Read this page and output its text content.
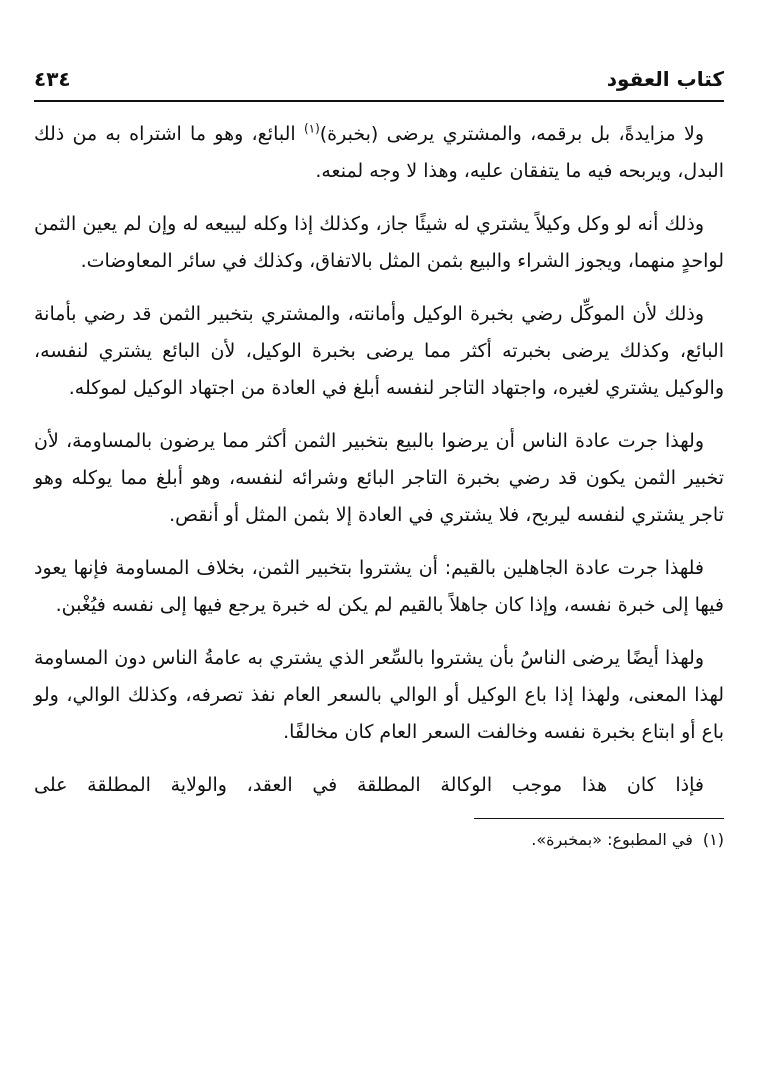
كتاب العقود
٤٣٤

ولا مزايدةً، بل برقمه، والمشتري يرضى (بخبرة)$^{(١)}$ البائع، وهو ما اشتراه به من ذلك البدل، ويربحه فيه ما يتفقان عليه، وهذا لا وجه لمنعه.

وذلك أنه لو وكل وكيلاً يشتري له شيئًا جاز، وكذلك إذا وكله ليبيعه له وإن لم يعين الثمن لواحدٍ منهما، ويجوز الشراء والبيع بثمن المثل بالاتفاق، وكذلك في سائر المعاوضات.

وذلك لأن الموكِّل رضي بخبرة الوكيل وأمانته، والمشتري بتخبير الثمن قد رضي بأمانة البائع، وكذلك يرضى بخبرته أكثر مما يرضى بخبرة الوكيل، لأن البائع يشتري لنفسه، والوكيل يشتري لغيره، واجتهاد التاجر لنفسه أبلغ في العادة من اجتهاد الوكيل لموكله.

ولهذا جرت عادة الناس أن يرضوا بالبيع بتخبير الثمن أكثر مما يرضون بالمساومة، لأن تخبير الثمن يكون قد رضي بخبرة التاجر البائع وشرائه لنفسه، وهو أبلغ مما يوكله وهو تاجر يشتري لنفسه ليربح، فلا يشتري في العادة إلا بثمن المثل أو أنقص.

فلهذا جرت عادة الجاهلين بالقيم: أن يشتروا بتخبير الثمن، بخلاف المساومة فإنها يعود فيها إلى خبرة نفسه، وإذا كان جاهلاً بالقيم لم يكن له خبرة يرجع فيها إلى نفسه فيُغْبن.

ولهذا أيضًا يرضى الناسُ بأن يشتروا بالسِّعر الذي يشتري به عامةُ الناس دون المساومة لهذا المعنى، ولهذا إذا باع الوكيل أو الوالي بالسعر العام نفذ تصرفه، وكذلك الوالي، ولو باع أو ابتاع بخبرة نفسه وخالفت السعر العام كان مخالفًا.

فإذا كان هذا موجب الوكالة المطلقة في العقد، والولاية المطلقة على

(١)
في المطبوع: «بمخبرة».
